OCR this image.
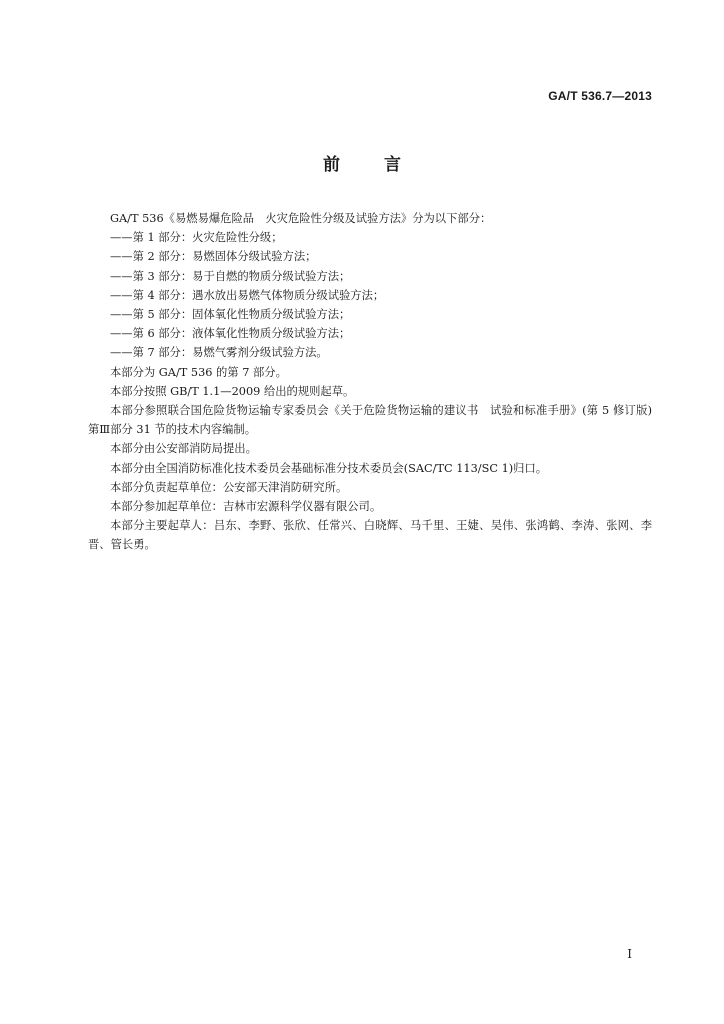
GA/T 536.7—2013
前言

GA/T 536《易燃易爆危险品　火灾危险性分级及试验方法》分为以下部分：

——第 1 部分：火灾危险性分级；

——第 2 部分：易燃固体分级试验方法；

——第 3 部分：易于自燃的物质分级试验方法；

——第 4 部分：遇水放出易燃气体物质分级试验方法；

——第 5 部分：固体氧化性物质分级试验方法；

——第 6 部分：液体氧化性物质分级试验方法；

——第 7 部分：易燃气雾剂分级试验方法。

本部分为 GA/T 536 的第 7 部分。

本部分按照 GB/T 1.1—2009 给出的规则起草。

本部分参照联合国危险货物运输专家委员会《关于危险货物运输的建议书　试验和标准手册》(第 5 修订版)第Ⅲ部分 31 节的技术内容编制。

本部分由公安部消防局提出。

本部分由全国消防标准化技术委员会基础标准分技术委员会(SAC/TC 113/SC 1)归口。

本部分负责起草单位：公安部天津消防研究所。

本部分参加起草单位：吉林市宏源科学仪器有限公司。

本部分主要起草人：吕东、李野、张欣、任常兴、白晓辉、马千里、王婕、吴伟、张鸿鹤、李涛、张网、李晋、管长勇。

I
